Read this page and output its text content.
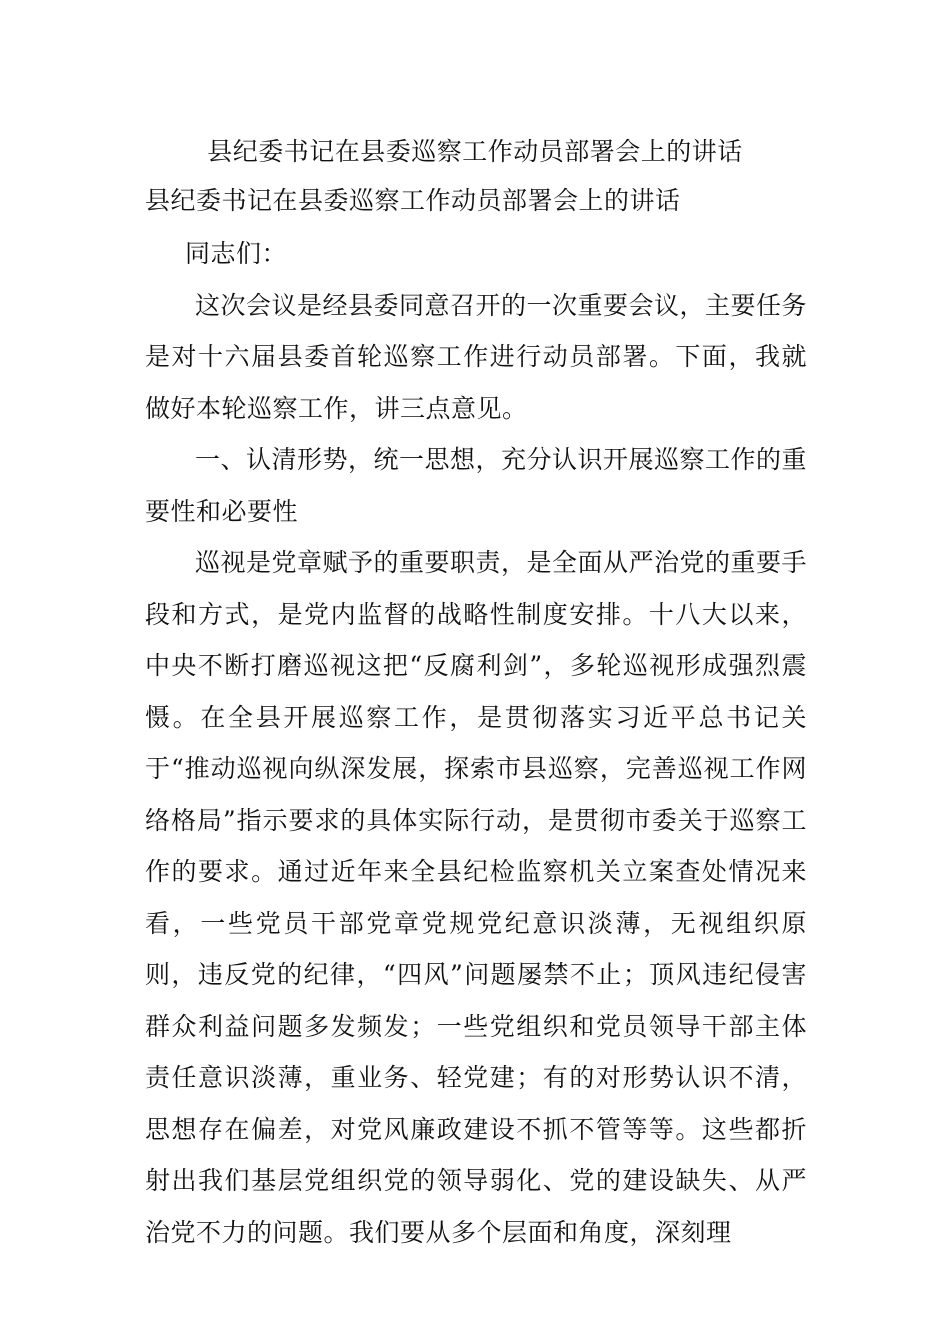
县纪委书记在县委巡察工作动员部署会上的讲话
县纪委书记在县委巡察工作动员部署会上的讲话

同志们：

这次会议是经县委同意召开的一次重要会议，主要任务是对十六届县委首轮巡察工作进行动员部署。下面，我就做好本轮巡察工作，讲三点意见。

一、认清形势，统一思想，充分认识开展巡察工作的重要性和必要性

巡视是党章赋予的重要职责，是全面从严治党的重要手段和方式，是党内监督的战略性制度安排。十八大以来，中央不断打磨巡视这把“反腐利剑”，多轮巡视形成强烈震慑。在全县开展巡察工作，是贯彻落实习近平总书记关于“推动巡视向纵深发展，探索市县巡察，完善巡视工作网络格局”指示要求的具体实际行动，是贯彻市委关于巡察工作的要求。通过近年来全县纪检监察机关立案查处情况来看，一些党员干部党章党规党纪意识淡薄，无视组织原则，违反党的纪律，“四风”问题屡禁不止；顶风违纪侵害群众利益问题多发频发；一些党组织和党员领导干部主体责任意识淡薄，重业务、轻党建；有的对形势认识不清，思想存在偏差，对党风廉政建设不抓不管等等。这些都折射出我们基层党组织党的领导弱化、党的建设缺失、从严治党不力的问题。我们要从多个层面和角度，深刻理
